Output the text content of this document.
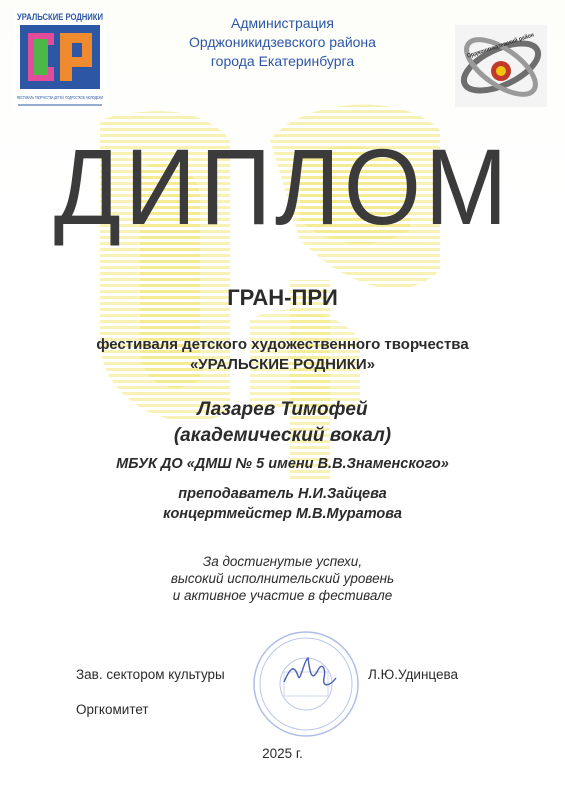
УРАЛЬСКИЕ РОДНИКИ
ФЕСТИВАЛЬ ТВОРЧЕСТВА ДЕТЕЙ, ПОДРОСТКОВ, МОЛОДЕЖИ
Орджоникидзевский район
Администрация
Орджоникидзевского района
города Екатеринбурга
ДИПЛОМ
ГРАН-ПРИ
фестиваля детского художественного творчества
«УРАЛЬСКИЕ РОДНИКИ»
Лазарев Тимофей
(академический вокал)
МБУК ДО «ДМШ № 5 имени В.В.Знаменского»
преподаватель Н.И.Зайцева
концертмейстер М.В.Муратова
За достигнутые успехи,
высокий исполнительский уровень
и активное участие в фестивале
Зав. сектором культуры	Л.Ю.Удинцева
Оргкомитет
2025 г.
